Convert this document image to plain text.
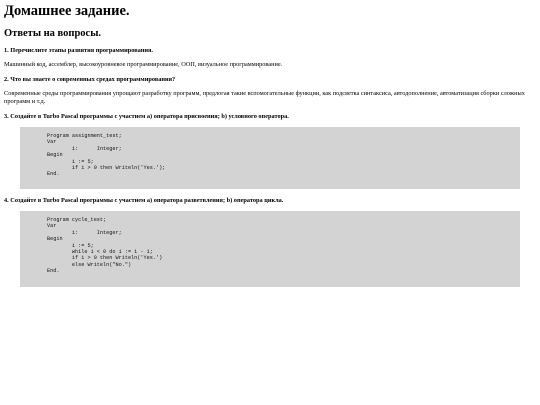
Домашнее задание.
Ответы на вопросы.

1. Перечислите этапы развития программирования.

Машинный код, ассемблер, высокоуровневое программирование, ООП, визуальное программирование.

2. Что вы знаете о современных средах программирования?

Современные среды программирования упрощают разработку программ, предлогая такие вспомогательные функции, как подсветка синтаксиса, автодополнение, автоматизация сборки сложных программ и т.д.

3. Создайте в Turbo Pascal программы с участием а) оператора присвоения; b) условного оператора.

Program assignment_test;
Var
i:      Integer;
Begin
i := 5;
if i > 0 then Writeln('Yes.');
End.

4. Создайте в Turbo Pascal программы с участием а) оператора разветвления; b) оператора цикла.

Program cycle_test;
Var
i:      Integer;
Begin
i := 5;
while i < 0 do i := i - 1;
if i > 0 then Writeln('Yes.')
else Writeln("No.")
End.
